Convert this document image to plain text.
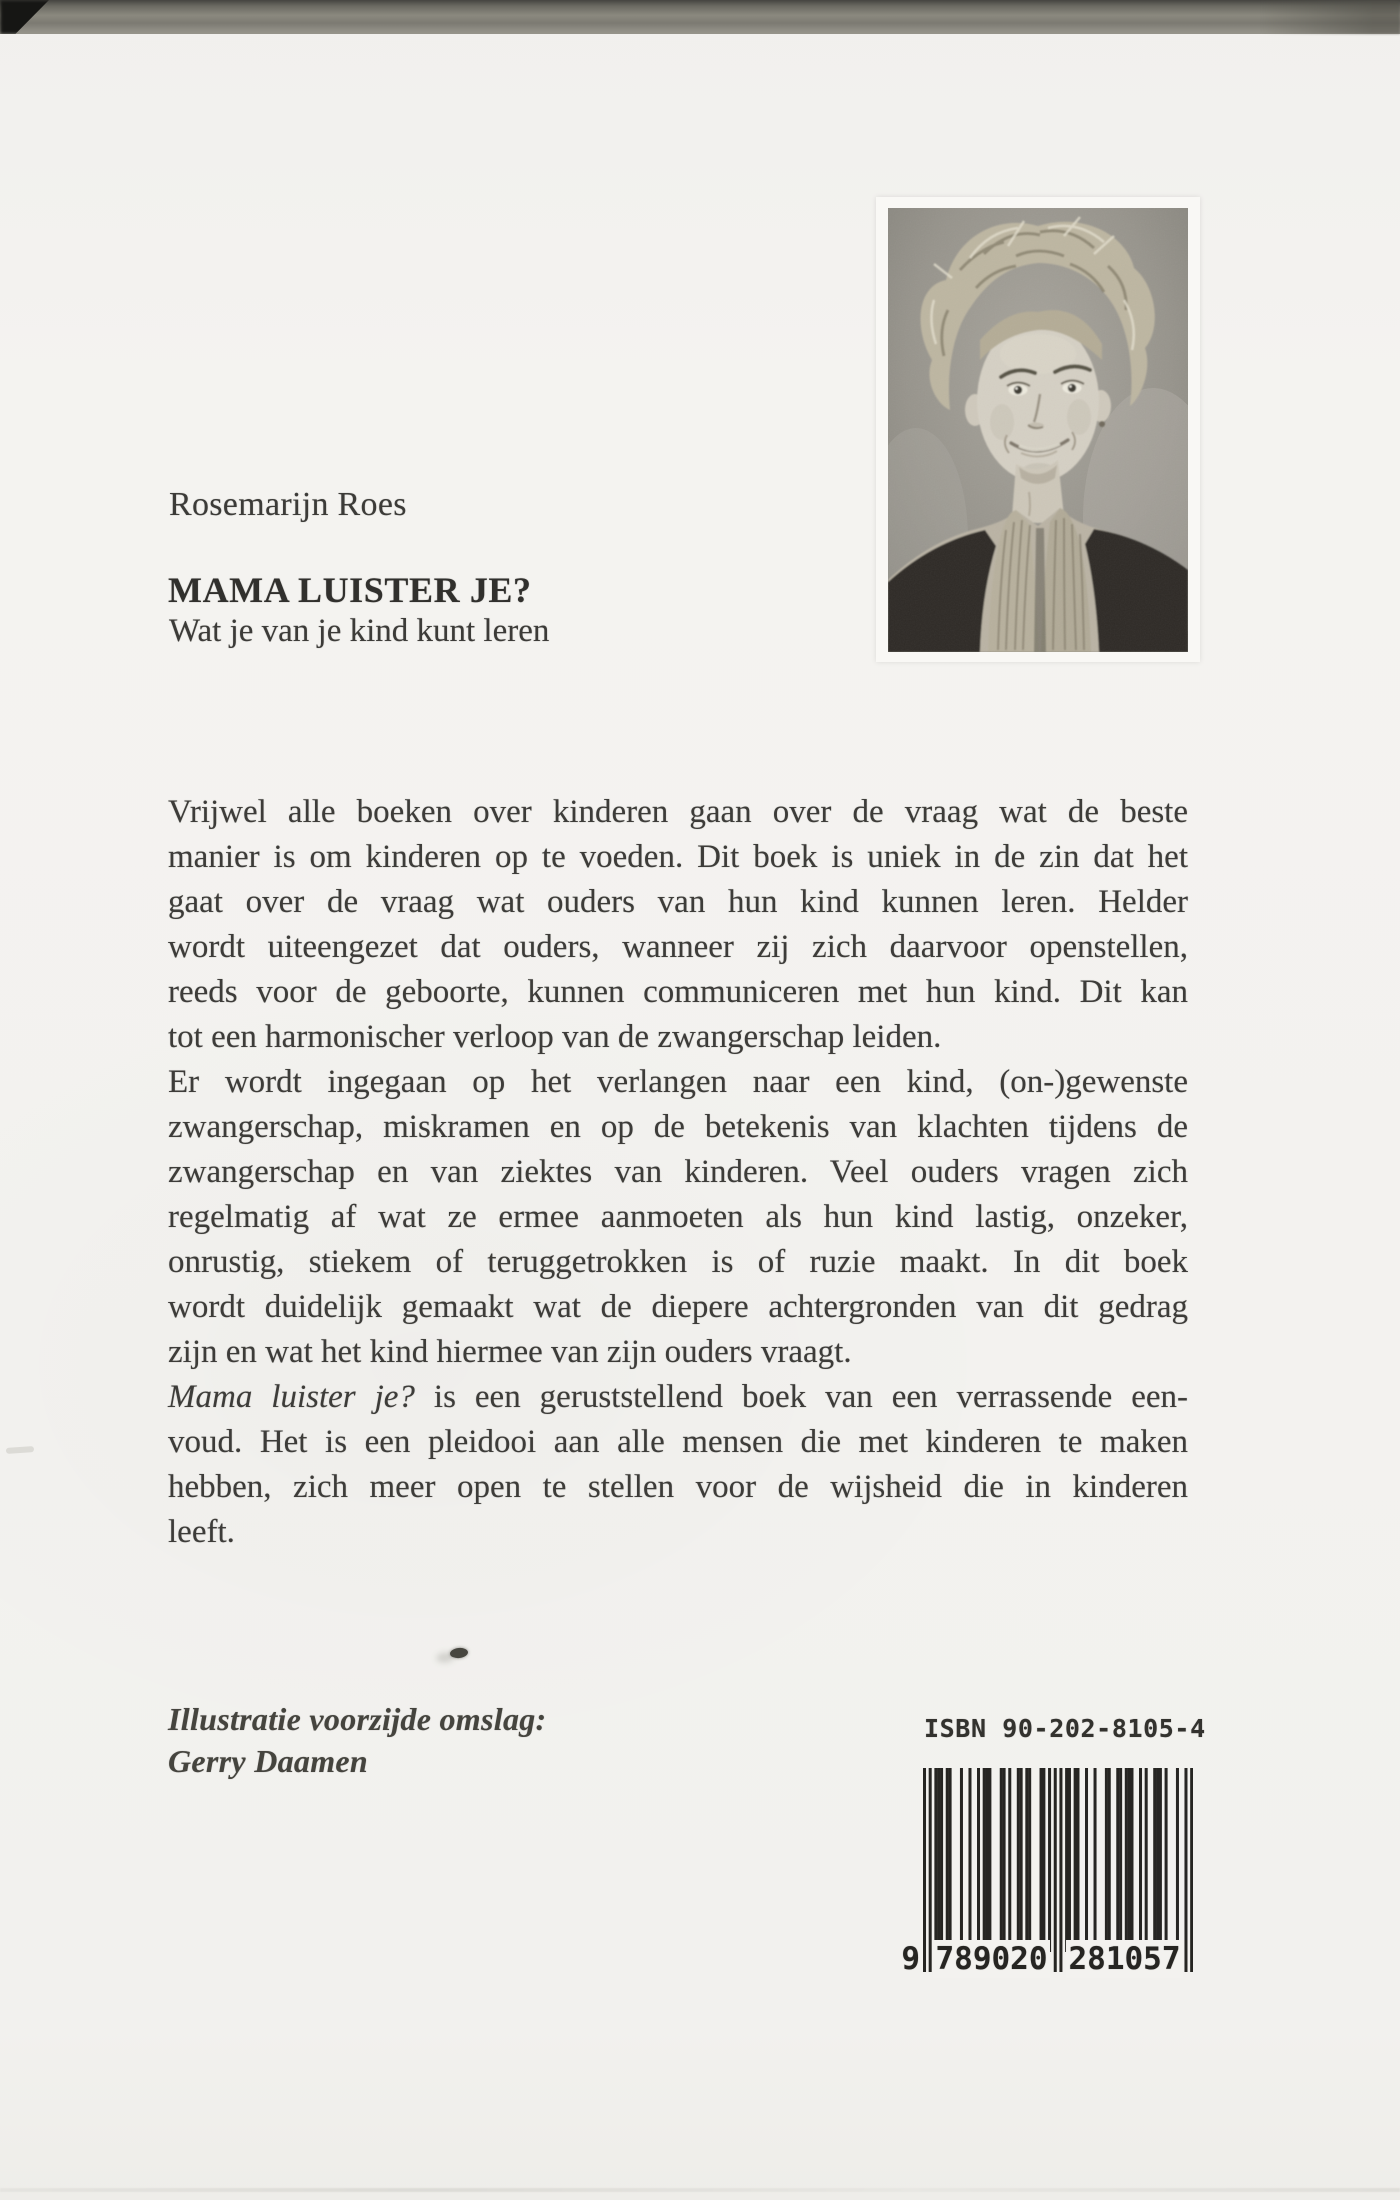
Rosemarijn Roes
MAMA LUISTER JE?
Wat je van je kind kunt leren
Vrijwel alle boeken over kinderen gaan over de vraag wat de beste
manier is om kinderen op te voeden. Dit boek is uniek in de zin dat het
gaat over de vraag wat ouders van hun kind kunnen leren. Helder
wordt uiteengezet dat ouders, wanneer zij zich daarvoor openstellen,
reeds voor de geboorte, kunnen communiceren met hun kind. Dit kan
tot een harmonischer verloop van de zwangerschap leiden.
Er wordt ingegaan op het verlangen naar een kind, (on-)gewenste
zwangerschap, miskramen en op de betekenis van klachten tijdens de
zwangerschap en van ziektes van kinderen. Veel ouders vragen zich
regelmatig af wat ze ermee aanmoeten als hun kind lastig, onzeker,
onrustig, stiekem of teruggetrokken is of ruzie maakt. In dit boek
wordt duidelijk gemaakt wat de diepere achtergronden van dit gedrag
zijn en wat het kind hiermee van zijn ouders vraagt.
Mama luister je? is een geruststellend boek van een verrassende een-
voud. Het is een pleidooi aan alle mensen die met kinderen te maken
hebben, zich meer open te stellen voor de wijsheid die in kinderen
leeft.
Illustratie voorzijde omslag:
Gerry Daamen
ISBN 90-202-8105-4
9 789020 281057
